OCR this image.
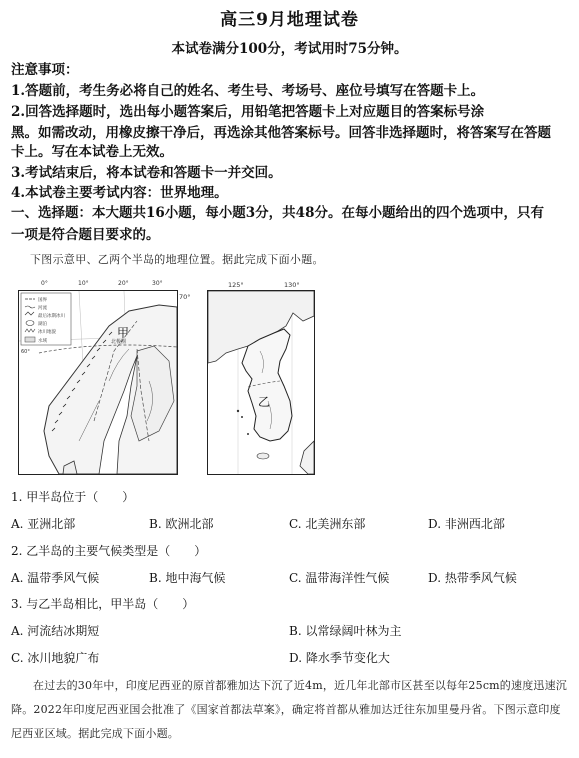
高三9月地理试卷
本试卷满分100分，考试用时75分钟。
注意事项：
1.答题前，考生务必将自己的姓名、考生号、考场号、座位号填写在答题卡上。
2.回答选择题时，选出每小题答案后，用铅笔把答题卡上对应题目的答案标号涂
黑。如需改动，用橡皮擦干净后，再选涂其他答案标号。回答非选择题时，将答案写在答题
卡上。写在本试卷上无效。
3.考试结束后，将本试卷和答题卡一并交回。
4.本试卷主要考试内容：世界地理。
一、选择题：本大题共16小题，每小题3分，共48分。在每小题给出的四个选项中，只有
一项是符合题目要求的。
下图示意甲、乙两个半岛的地理位置。据此完成下面小题。
国界
河流
最后冰期冰川
湖泊
冰川地貌
水域	北极圈
甲
60°
0°	10°	20°	30°
70°
乙
125°	130°
1. 甲半岛位于（　　）
A. 亚洲北部	B. 欧洲北部	C. 北美洲东部	D. 非洲西北部
2. 乙半岛的主要气候类型是（　　）
A. 温带季风气候	B. 地中海气候	C. 温带海洋性气候	D. 热带季风气候
3. 与乙半岛相比，甲半岛（　　）
A. 河流结冰期短	B. 以常绿阔叶林为主
C. 冰川地貌广布	D. 降水季节变化大
在过去的30年中，印度尼西亚的原首都雅加达下沉了近4m，近几年北部市区甚至以每年25cm的速度迅速沉降。2022年印度尼西亚国会批准了《国家首都法草案》，确定将首都从雅加达迁往东加里曼丹省。下图示意印度尼西亚区域。据此完成下面小题。
